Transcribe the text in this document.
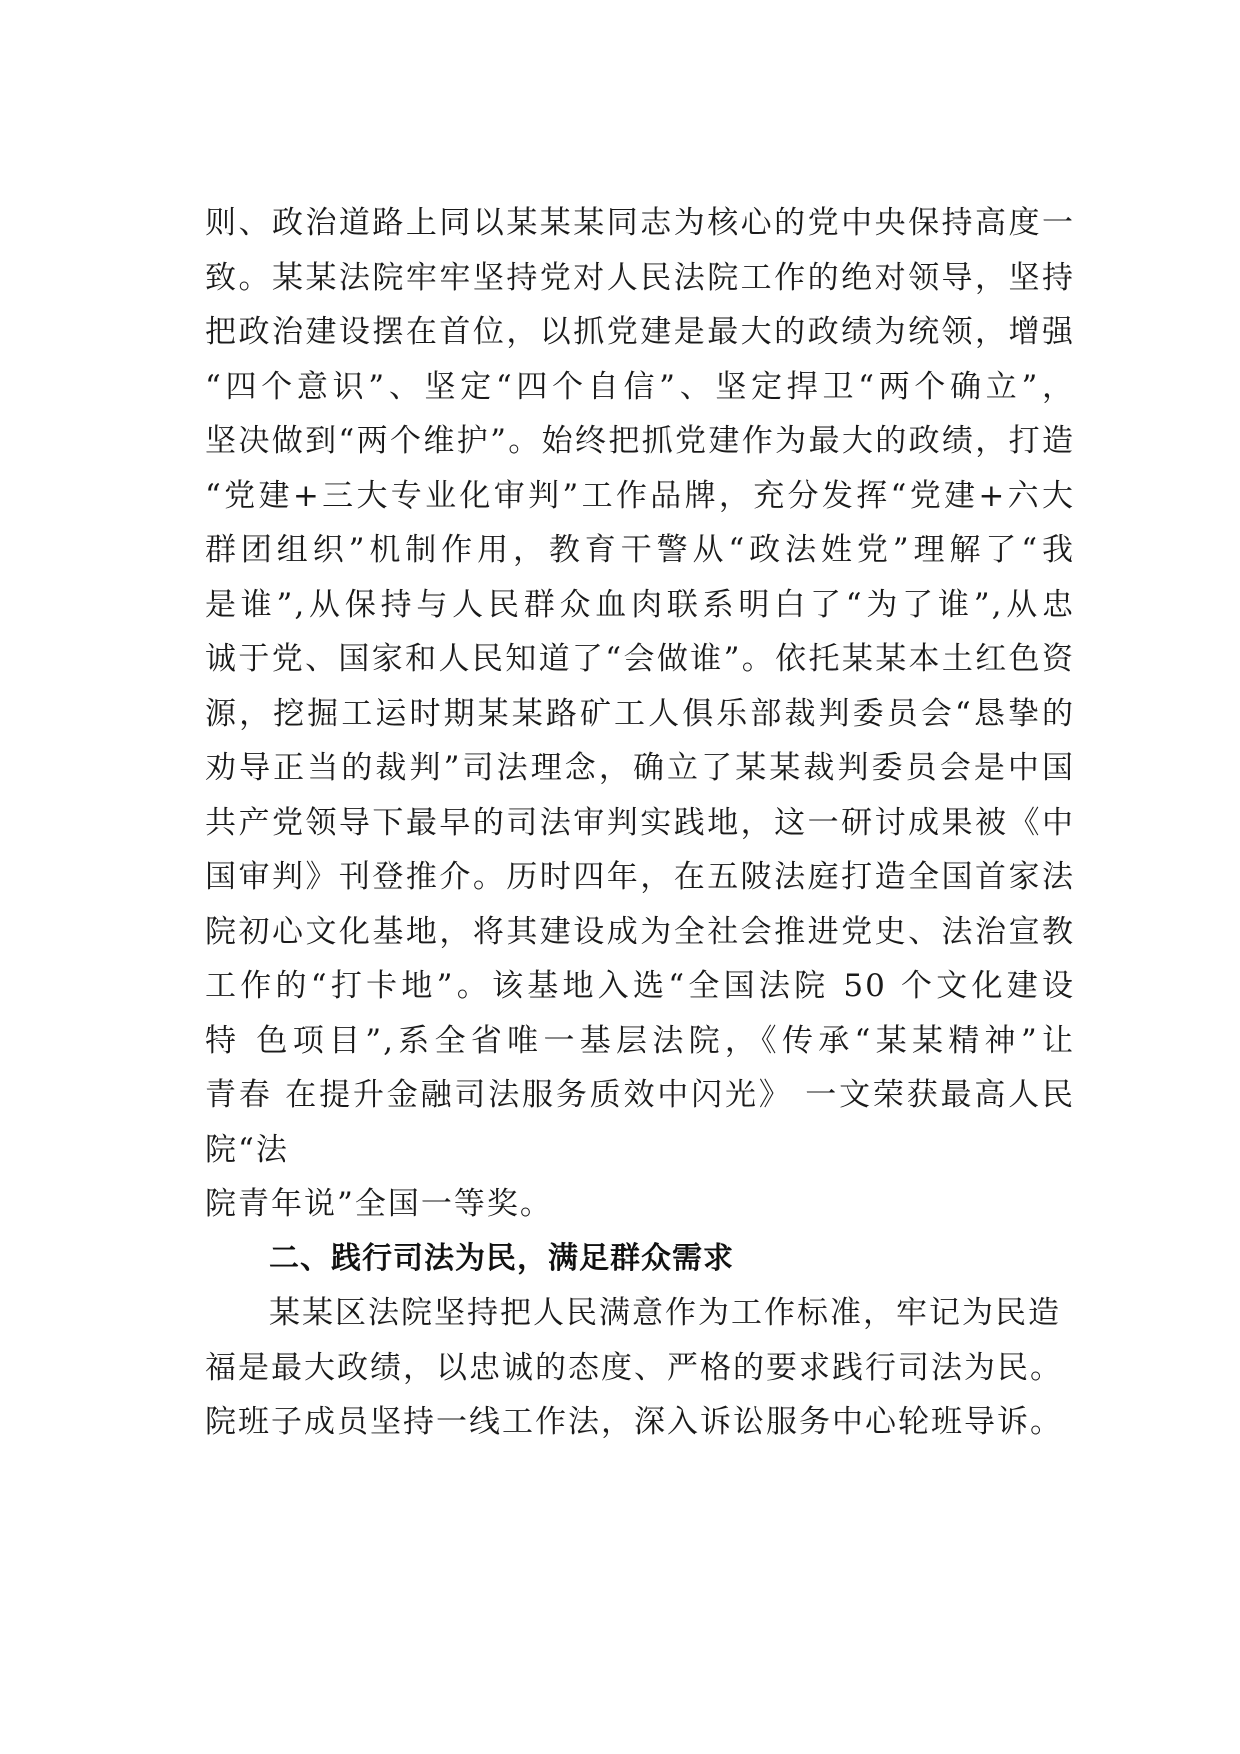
则、政治道路上同以某某某同志为核心的党中央保持高度一
致。某某法院牢牢坚持党对人民法院工作的绝对领导，坚持
把政治建设摆在首位，以抓党建是最大的政绩为统领，增强
“四个意识”、坚定“四个自信”、坚定捍卫“两个确立”，
坚决做到“两个维护”。始终把抓党建作为最大的政绩，打造
“党建+三大专业化审判”工作品牌，充分发挥“党建+六大
群团组织”机制作用，教育干警从“政法姓党”理解了“我
是谁”,从保持与人民群众血肉联系明白了“为了谁”,从忠
诚于党、国家和人民知道了“会做谁”。依托某某本土红色资
源，挖掘工运时期某某路矿工人俱乐部裁判委员会“恳挚的
劝导正当的裁判”司法理念，确立了某某裁判委员会是中国
共产党领导下最早的司法审判实践地，这一研讨成果被《中
国审判》刊登推介。历时四年，在五陂法庭打造全国首家法
院初心文化基地，将其建设成为全社会推进党史、法治宣教
工作的“打卡地”。该基地入选“全国法院 50 个文化建设
特 色项目”,系全省唯一基层法院，《传承“某某精神”让
青春 在提升金融司法服务质效中闪光》 一文荣获最高人民
院“法
院青年说”全国一等奖。
二、践行司法为民，满足群众需求
某某区法院坚持把人民满意作为工作标准，牢记为民造
福是最大政绩，以忠诚的态度、严格的要求践行司法为民。
院班子成员坚持一线工作法，深入诉讼服务中心轮班导诉。
